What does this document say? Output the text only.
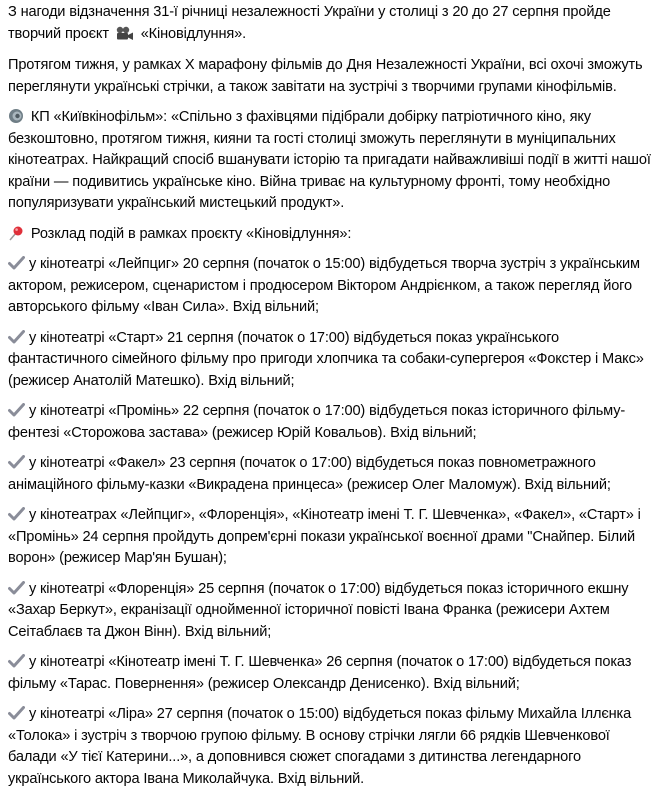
З нагоди відзначення 31-ї річниці незалежності України у столиці з 20 до 27 серпня пройде творчий проєкт «Кіновідлуння».

Протягом тижня, у рамках X марафону фільмів до Дня Незалежності України, всі охочі зможуть переглянути українські стрічки, а також завітати на зустрічі з творчими групами кінофільмів.

КП «Київкінофільм»: «Спільно з фахівцями підібрали добірку патріотичного кіно, яку безкоштовно, протягом тижня, кияни та гості столиці зможуть переглянути в муніципальних кінотеатрах. Найкращий спосіб вшанувати історію та пригадати найважливіші події в житті нашої країни — подивитись українське кіно. Війна триває на культурному фронті, тому необхідно популяризувати український мистецький продукт».

Розклад подій в рамках проєкту «Кіновідлуння»:

у кінотеатрі «Лейпциг» 20 серпня (початок о 15:00) відбудеться творча зустріч з українським актором, режисером, сценаристом і продюсером Віктором Андрієнком, а також перегляд його авторського фільму «Іван Сила». Вхід вільний;

у кінотеатрі «Старт» 21 серпня (початок о 17:00) відбудеться показ українського фантастичного сімейного фільму про пригоди хлопчика та собаки-супергероя «Фокстер і Макс» (режисер Анатолій Матешко). Вхід вільний;

у кінотеатрі «Промінь» 22 серпня (початок о 17:00) відбудеться показ історичного фільму-фентезі «Сторожова застава» (режисер Юрій Ковальов). Вхід вільний;

у кінотеатрі «Факел» 23 серпня (початок о 17:00) відбудеться показ повнометражного анімаційного фільму-казки «Викрадена принцеса» (режисер Олег Маломуж). Вхід вільний;

у кінотеатрах «Лейпциг», «Флоренція», «Кінотеатр імені Т. Г. Шевченка», «Факел», «Старт» і «Промінь» 24 серпня пройдуть допрем'єрні покази української воєнної драми "Снайпер. Білий ворон» (режисер Мар'ян Бушан);

у кінотеатрі «Флоренція» 25 серпня (початок о 17:00) відбудеться показ історичного екшну «Захар Беркут», екранізації однойменної історичної повісті Івана Франка (режисери Ахтем Сеітаблаєв та Джон Вінн). Вхід вільний;

у кінотеатрі «Кінотеатр імені Т. Г. Шевченка» 26 серпня (початок о 17:00) відбудеться показ фільму «Тарас. Повернення» (режисер Олександр Денисенко). Вхід вільний;

у кінотеатрі «Ліра» 27 серпня (початок о 15:00) відбудеться показ фільму Михайла Іллєнка «Толока» і зустріч з творчою групою фільму. В основу стрічки лягли 66 рядків Шевченкової балади «У тієї Катерини...», а доповнився сюжет спогадами з дитинства легендарного українського актора Івана Миколайчука. Вхід вільний.
